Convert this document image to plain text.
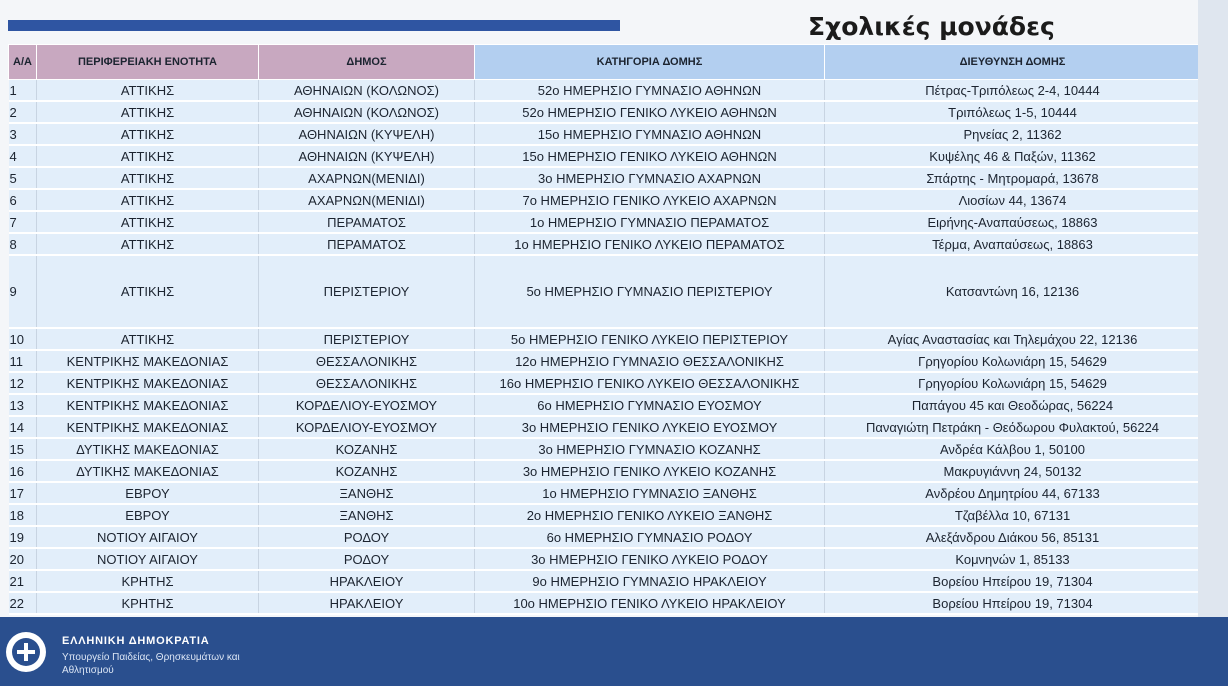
Σχολικές μονάδες
Α/Α	ΠΕΡΙΦΕΡΕΙΑΚΗ ΕΝΟΤΗΤΑ	ΔΗΜΟΣ	ΚΑΤΗΓΟΡΙΑ ΔΟΜΗΣ	ΔΙΕΥΘΥΝΣΗ ΔΟΜΗΣ
1	ΑΤΤΙΚΗΣ	ΑΘΗΝΑΙΩΝ (ΚΟΛΩΝΟΣ)	52ο ΗΜΕΡΗΣΙΟ ΓΥΜΝΑΣΙΟ ΑΘΗΝΩΝ	Πέτρας-Τριπόλεως 2-4, 10444
2	ΑΤΤΙΚΗΣ	ΑΘΗΝΑΙΩΝ (ΚΟΛΩΝΟΣ)	52ο ΗΜΕΡΗΣΙΟ ΓΕΝΙΚΟ ΛΥΚΕΙΟ ΑΘΗΝΩΝ	Τριπόλεως 1-5, 10444
3	ΑΤΤΙΚΗΣ	ΑΘΗΝΑΙΩΝ (ΚΥΨΕΛΗ)	15ο ΗΜΕΡΗΣΙΟ ΓΥΜΝΑΣΙΟ ΑΘΗΝΩΝ	Ρηνείας 2, 11362
4	ΑΤΤΙΚΗΣ	ΑΘΗΝΑΙΩΝ (ΚΥΨΕΛΗ)	15ο ΗΜΕΡΗΣΙΟ ΓΕΝΙΚΟ ΛΥΚΕΙΟ ΑΘΗΝΩΝ	Κυψέλης 46 & Παξών, 11362
5	ΑΤΤΙΚΗΣ	ΑΧΑΡΝΩΝ(ΜΕΝΙΔΙ)	3ο ΗΜΕΡΗΣΙΟ ΓΥΜΝΑΣΙΟ ΑΧΑΡΝΩΝ	Σπάρτης - Μητρομαρά, 13678
6	ΑΤΤΙΚΗΣ	ΑΧΑΡΝΩΝ(ΜΕΝΙΔΙ)	7ο ΗΜΕΡΗΣΙΟ ΓΕΝΙΚΟ ΛΥΚΕΙΟ ΑΧΑΡΝΩΝ	Λιοσίων 44, 13674
7	ΑΤΤΙΚΗΣ	ΠΕΡΑΜΑΤΟΣ	1ο ΗΜΕΡΗΣΙΟ ΓΥΜΝΑΣΙΟ ΠΕΡΑΜΑΤΟΣ	Ειρήνης-Αναπαύσεως, 18863
8	ΑΤΤΙΚΗΣ	ΠΕΡΑΜΑΤΟΣ	1ο ΗΜΕΡΗΣΙΟ ΓΕΝΙΚΟ ΛΥΚΕΙΟ ΠΕΡΑΜΑΤΟΣ	Τέρμα, Αναπαύσεως, 18863
9	ΑΤΤΙΚΗΣ	ΠΕΡΙΣΤΕΡΙΟΥ	5ο ΗΜΕΡΗΣΙΟ ΓΥΜΝΑΣΙΟ ΠΕΡΙΣΤΕΡΙΟΥ	Κατσαντώνη 16, 12136
10	ΑΤΤΙΚΗΣ	ΠΕΡΙΣΤΕΡΙΟΥ	5ο ΗΜΕΡΗΣΙΟ ΓΕΝΙΚΟ ΛΥΚΕΙΟ ΠΕΡΙΣΤΕΡΙΟΥ	Αγίας Αναστασίας και Τηλεμάχου 22, 12136
11	ΚΕΝΤΡΙΚΗΣ ΜΑΚΕΔΟΝΙΑΣ	ΘΕΣΣΑΛΟΝΙΚΗΣ	12ο ΗΜΕΡΗΣΙΟ ΓΥΜΝΑΣΙΟ ΘΕΣΣΑΛΟΝΙΚΗΣ	Γρηγορίου Κολωνιάρη 15, 54629
12	ΚΕΝΤΡΙΚΗΣ ΜΑΚΕΔΟΝΙΑΣ	ΘΕΣΣΑΛΟΝΙΚΗΣ	16ο ΗΜΕΡΗΣΙΟ ΓΕΝΙΚΟ ΛΥΚΕΙΟ ΘΕΣΣΑΛΟΝΙΚΗΣ	Γρηγορίου Κολωνιάρη 15, 54629
13	ΚΕΝΤΡΙΚΗΣ ΜΑΚΕΔΟΝΙΑΣ	ΚΟΡΔΕΛΙΟΥ-ΕΥΟΣΜΟΥ	6ο ΗΜΕΡΗΣΙΟ ΓΥΜΝΑΣΙΟ ΕΥΟΣΜΟΥ	Παπάγου 45 και Θεοδώρας, 56224
14	ΚΕΝΤΡΙΚΗΣ ΜΑΚΕΔΟΝΙΑΣ	ΚΟΡΔΕΛΙΟΥ-ΕΥΟΣΜΟΥ	3ο ΗΜΕΡΗΣΙΟ ΓΕΝΙΚΟ ΛΥΚΕΙΟ ΕΥΟΣΜΟΥ	Παναγιώτη Πετράκη - Θεόδωρου Φυλακτού, 56224
15	ΔΥΤΙΚΗΣ ΜΑΚΕΔΟΝΙΑΣ	ΚΟΖΑΝΗΣ	3ο ΗΜΕΡΗΣΙΟ ΓΥΜΝΑΣΙΟ ΚΟΖΑΝΗΣ	Ανδρέα Κάλβου 1, 50100
16	ΔΥΤΙΚΗΣ ΜΑΚΕΔΟΝΙΑΣ	ΚΟΖΑΝΗΣ	3ο ΗΜΕΡΗΣΙΟ ΓΕΝΙΚΟ ΛΥΚΕΙΟ ΚΟΖΑΝΗΣ	Μακρυγιάννη 24, 50132
17	ΕΒΡΟΥ	ΞΑΝΘΗΣ	1ο ΗΜΕΡΗΣΙΟ ΓΥΜΝΑΣΙΟ ΞΑΝΘΗΣ	Ανδρέου Δημητρίου 44, 67133
18	ΕΒΡΟΥ	ΞΑΝΘΗΣ	2ο ΗΜΕΡΗΣΙΟ ΓΕΝΙΚΟ ΛΥΚΕΙΟ ΞΑΝΘΗΣ	Τζαβέλλα 10, 67131
19	ΝΟΤΙΟΥ ΑΙΓΑΙΟΥ	ΡΟΔΟΥ	6ο ΗΜΕΡΗΣΙΟ ΓΥΜΝΑΣΙΟ ΡΟΔΟΥ	Αλεξάνδρου Διάκου 56, 85131
20	ΝΟΤΙΟΥ ΑΙΓΑΙΟΥ	ΡΟΔΟΥ	3ο ΗΜΕΡΗΣΙΟ ΓΕΝΙΚΟ ΛΥΚΕΙΟ ΡΟΔΟΥ	Κομνηνών 1, 85133
21	ΚΡΗΤΗΣ	ΗΡΑΚΛΕΙΟΥ	9ο ΗΜΕΡΗΣΙΟ ΓΥΜΝΑΣΙΟ ΗΡΑΚΛΕΙΟΥ	Βορείου Ηπείρου 19, 71304
22	ΚΡΗΤΗΣ	ΗΡΑΚΛΕΙΟΥ	10ο ΗΜΕΡΗΣΙΟ ΓΕΝΙΚΟ ΛΥΚΕΙΟ ΗΡΑΚΛΕΙΟΥ	Βορείου Ηπείρου 19, 71304
ΕΛΛΗΝΙΚΗ ΔΗΜΟΚΡΑΤΙΑ
Υπουργείο Παιδείας, Θρησκευμάτων και Αθλητισμού
